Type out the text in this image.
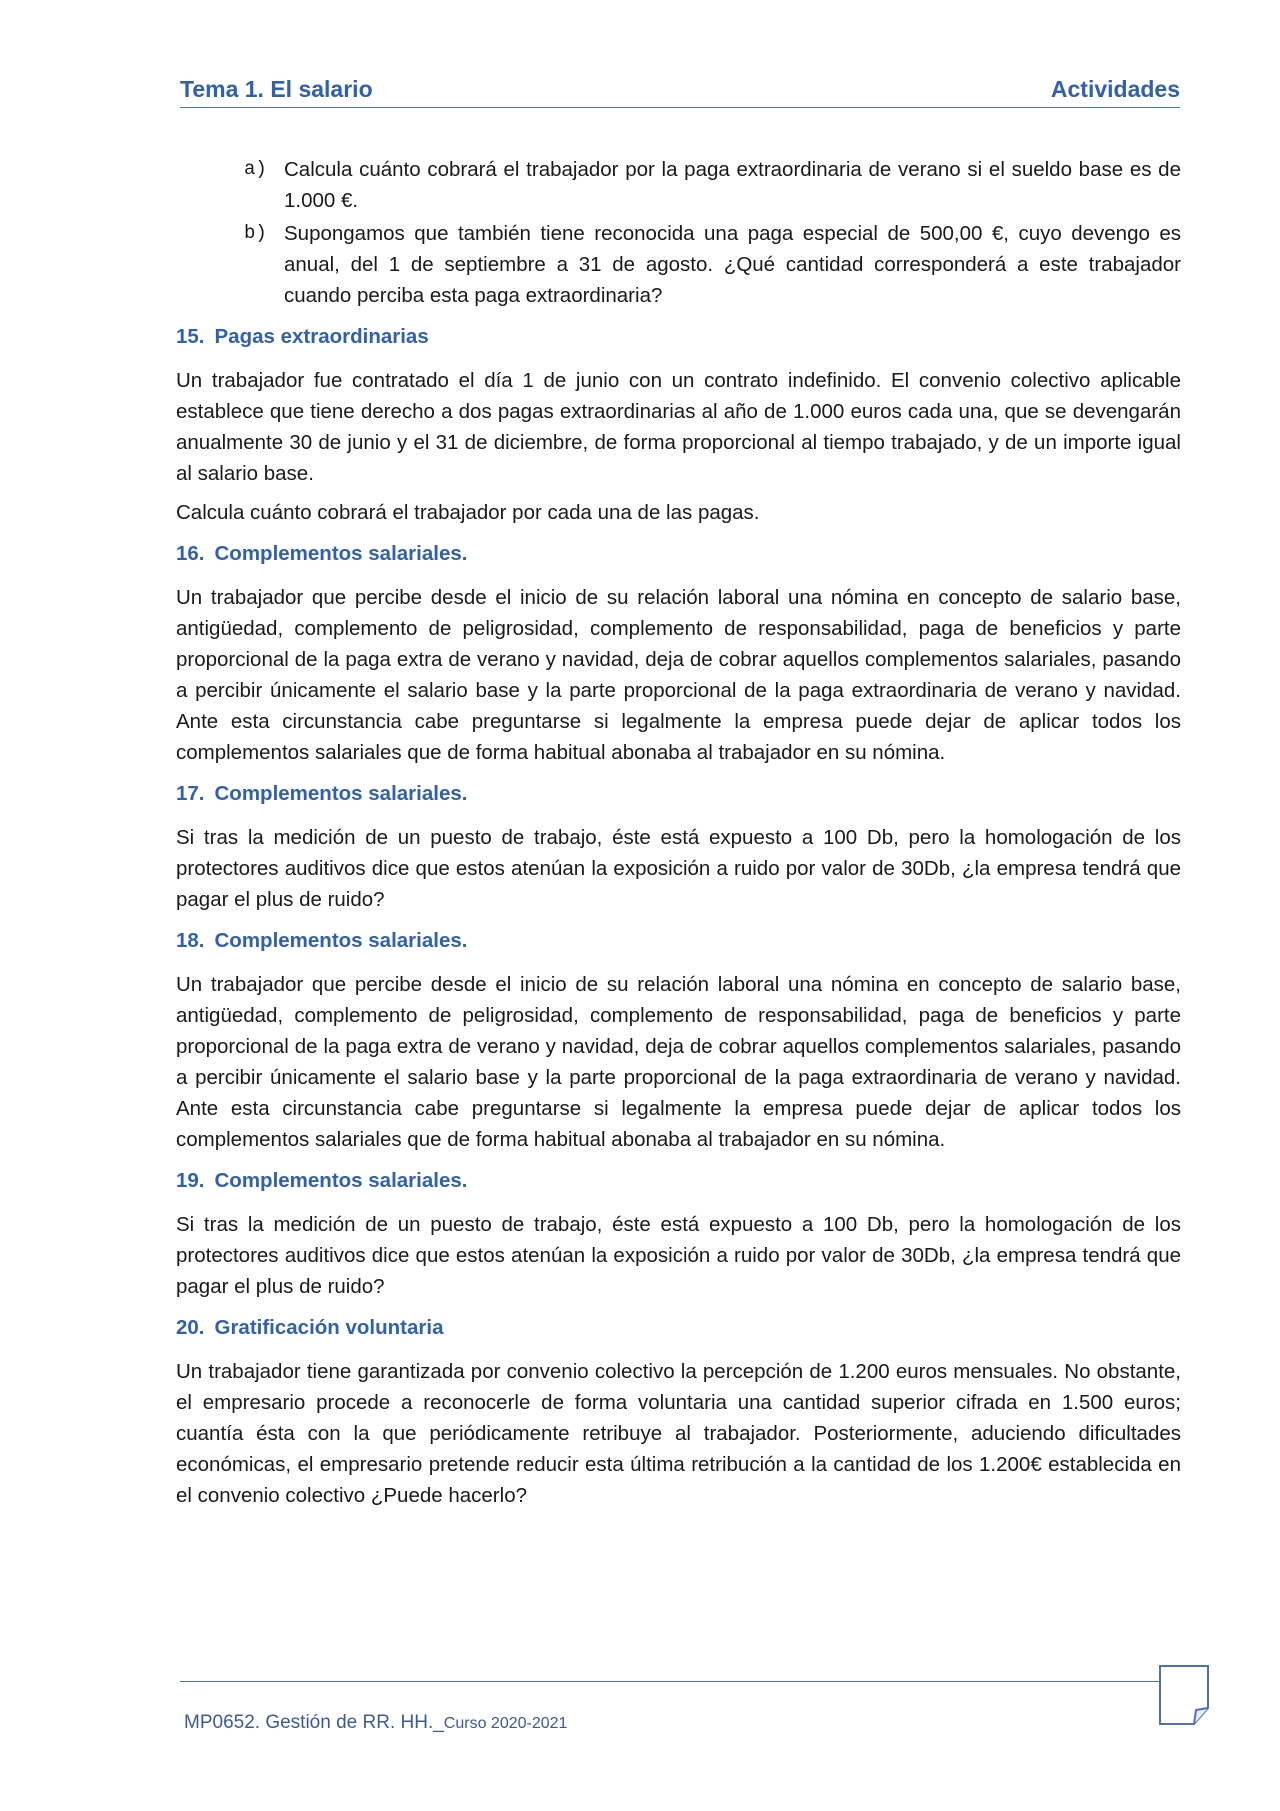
Tema 1. El salario	Actividades
a) Calcula cuánto cobrará el trabajador por la paga extraordinaria de verano si el sueldo base es de 1.000 €.
b) Supongamos que también tiene reconocida una paga especial de 500,00 €, cuyo devengo es anual, del 1 de septiembre a 31 de agosto. ¿Qué cantidad corresponderá a este trabajador cuando perciba esta paga extraordinaria?
15. Pagas extraordinarias

Un trabajador fue contratado el día 1 de junio con un contrato indefinido. El convenio colectivo aplicable establece que tiene derecho a dos pagas extraordinarias al año de 1.000 euros cada una, que se devengarán anualmente 30 de junio y el 31 de diciembre, de forma proporcional al tiempo trabajado, y de un importe igual al salario base.

Calcula cuánto cobrará el trabajador por cada una de las pagas.

16. Complementos salariales.

Un trabajador que percibe desde el inicio de su relación laboral una nómina en concepto de salario base, antigüedad, complemento de peligrosidad, complemento de responsabilidad, paga de beneficios y parte proporcional de la paga extra de verano y navidad, deja de cobrar aquellos complementos salariales, pasando a percibir únicamente el salario base y la parte proporcional de la paga extraordinaria de verano y navidad. Ante esta circunstancia cabe preguntarse si legalmente la empresa puede dejar de aplicar todos los complementos salariales que de forma habitual abonaba al trabajador en su nómina.

17. Complementos salariales.

Si tras la medición de un puesto de trabajo, éste está expuesto a 100 Db, pero la homologación de los protectores auditivos dice que estos atenúan la exposición a ruido por valor de 30Db, ¿la empresa tendrá que pagar el plus de ruido?

18. Complementos salariales.

Un trabajador que percibe desde el inicio de su relación laboral una nómina en concepto de salario base, antigüedad, complemento de peligrosidad, complemento de responsabilidad, paga de beneficios y parte proporcional de la paga extra de verano y navidad, deja de cobrar aquellos complementos salariales, pasando a percibir únicamente el salario base y la parte proporcional de la paga extraordinaria de verano y navidad. Ante esta circunstancia cabe preguntarse si legalmente la empresa puede dejar de aplicar todos los complementos salariales que de forma habitual abonaba al trabajador en su nómina.

19. Complementos salariales.

Si tras la medición de un puesto de trabajo, éste está expuesto a 100 Db, pero la homologación de los protectores auditivos dice que estos atenúan la exposición a ruido por valor de 30Db, ¿la empresa tendrá que pagar el plus de ruido?

20. Gratificación voluntaria

Un trabajador tiene garantizada por convenio colectivo la percepción de 1.200 euros mensuales. No obstante, el empresario procede a reconocerle de forma voluntaria una cantidad superior cifrada en 1.500 euros; cuantía ésta con la que periódicamente retribuye al trabajador. Posteriormente, aduciendo dificultades económicas, el empresario pretende reducir esta última retribución a la cantidad de los 1.200€ establecida en el convenio colectivo ¿Puede hacerlo?

MP0652. Gestión de RR. HH._Curso 2020-2021
